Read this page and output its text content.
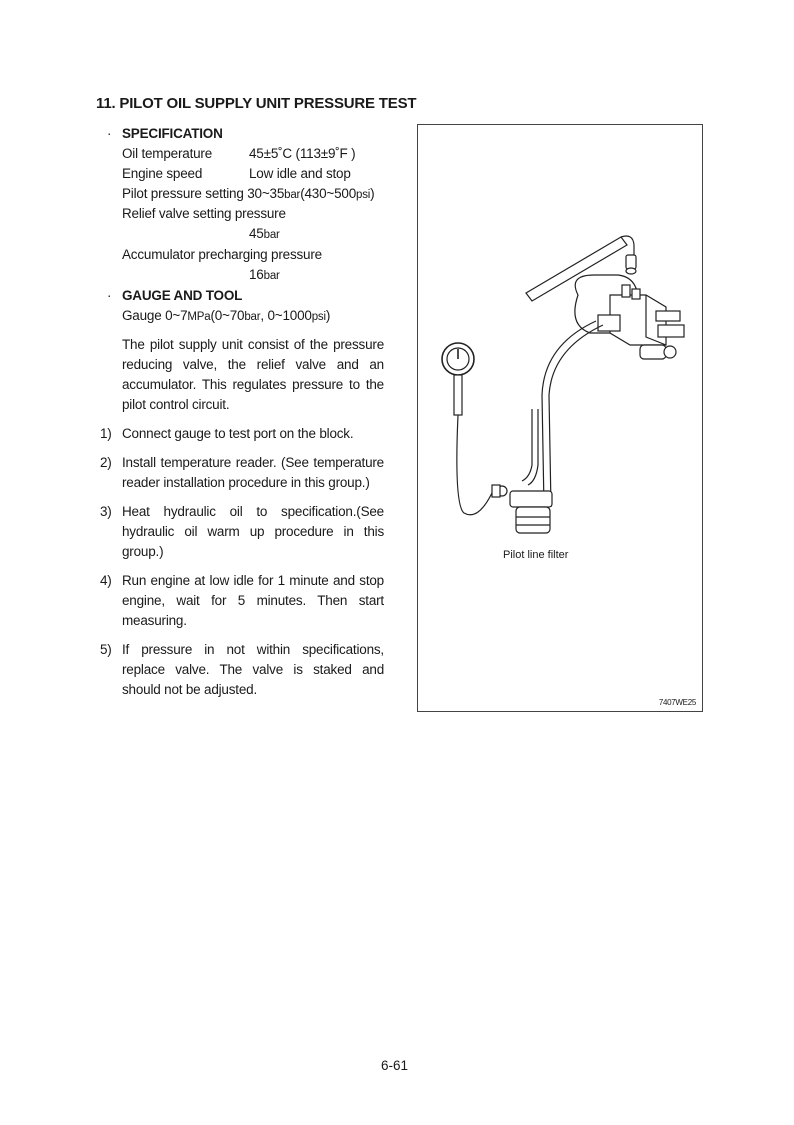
11. PILOT OIL SUPPLY UNIT PRESSURE TEST
· SPECIFICATION
Oil temperature	45±5˚C (113±9˚F )
Engine speed	Low idle and stop
Pilot pressure setting 30~35bar(430~500psi)
Relief valve setting pressure
45bar
Accumulator precharging pressure
16bar
· GAUGE AND TOOL
Gauge 0~7MPa(0~70bar, 0~1000psi)
The pilot supply unit consist of the pressure reducing valve, the relief valve and an accumulator. This regulates pressure to the pilot control circuit.
1) Connect gauge to test port on the block.
2) Install temperature reader. (See temperature reader installation procedure in this group.)
3) Heat hydraulic oil to specification.(See hydraulic oil warm up procedure in this group.)
4) Run engine at low idle for 1 minute and stop engine, wait for 5 minutes. Then start measuring.
5) If pressure in not within specifications, replace valve. The valve is staked and should not be adjusted.
Pilot line filter
7407WE25
6-61
